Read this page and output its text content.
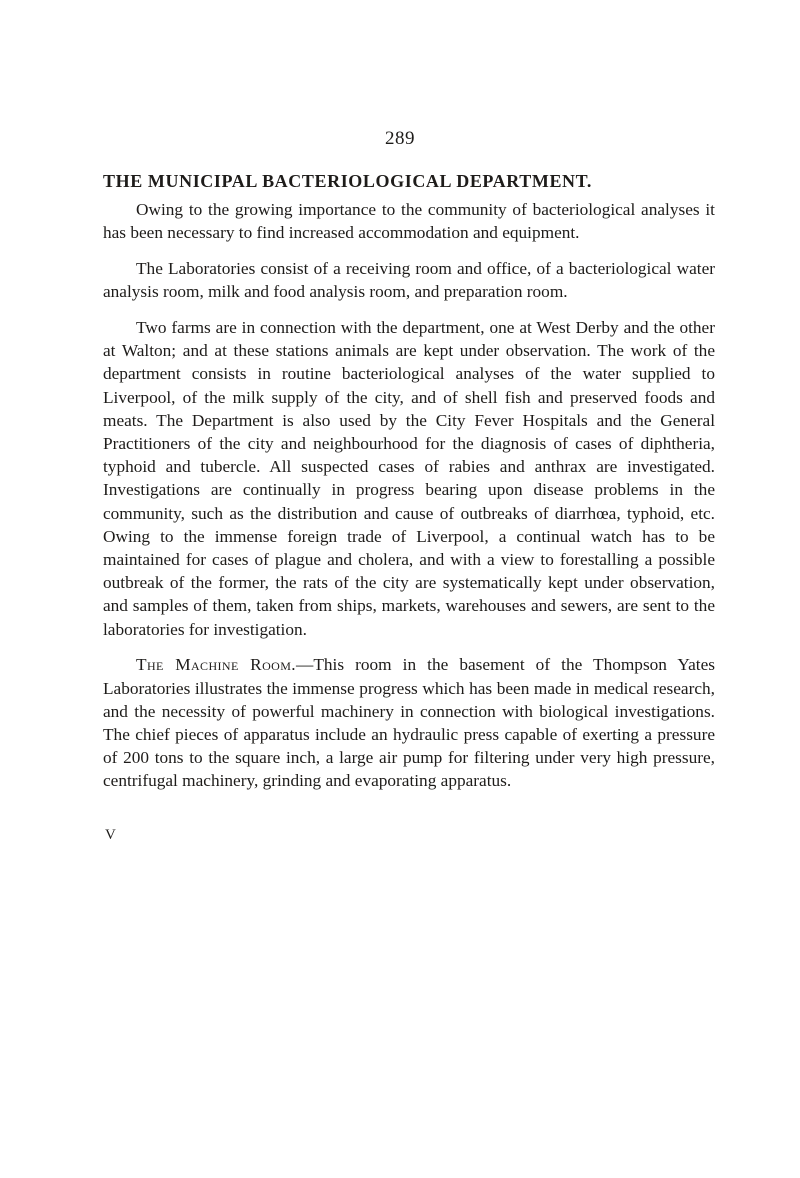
289
THE MUNICIPAL BACTERIOLOGICAL DEPARTMENT.

Owing to the growing importance to the community of bacteriological analyses it has been necessary to find increased accommodation and equipment.

The Laboratories consist of a receiving room and office, of a bacteriological water analysis room, milk and food analysis room, and preparation room.

Two farms are in connection with the department, one at West Derby and the other at Walton; and at these stations animals are kept under observation. The work of the department consists in routine bacteriological analyses of the water supplied to Liverpool, of the milk supply of the city, and of shell fish and preserved foods and meats. The Department is also used by the City Fever Hospitals and the General Practitioners of the city and neighbourhood for the diagnosis of cases of diphtheria, typhoid and tubercle. All suspected cases of rabies and anthrax are investigated. Investigations are continually in progress bearing upon disease problems in the community, such as the distribution and cause of outbreaks of diarrhœa, typhoid, etc. Owing to the immense foreign trade of Liverpool, a continual watch has to be maintained for cases of plague and cholera, and with a view to forestalling a possible outbreak of the former, the rats of the city are systematically kept under observation, and samples of them, taken from ships, markets, warehouses and sewers, are sent to the laboratories for investigation.

The Machine Room.—This room in the basement of the Thompson Yates Laboratories illustrates the immense progress which has been made in medical research, and the necessity of powerful machinery in connection with biological investigations. The chief pieces of apparatus include an hydraulic press capable of exerting a pressure of 200 tons to the square inch, a large air pump for filtering under very high pressure, centrifugal machinery, grinding and evaporating apparatus.

V
